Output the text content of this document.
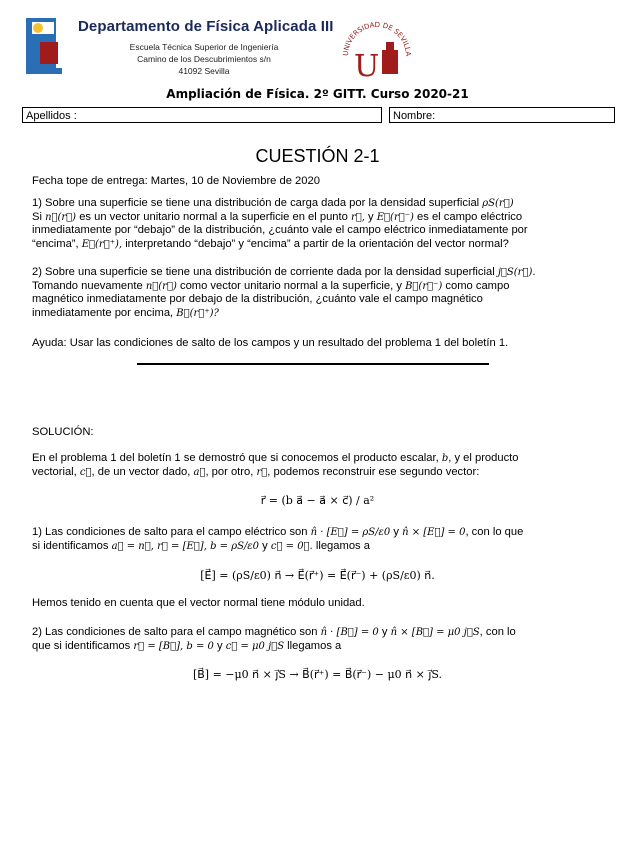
Departamento de Física Aplicada III
Escuela Técnica Superior de Ingeniería
Camino de los Descubrimientos s/n
41092 Sevilla
UNIVERSIDAD DE SEVILLA
U
Ampliación de Física. 2º GITT. Curso 2020-21
Apellidos :	Nombre:
CUESTIÓN 2-1
Fecha tope de entrega: Martes, 10 de Noviembre de 2020
1) Sobre una superficie se tiene una distribución de carga dada por la densidad superficial ρS(r⃗)
Si n⃗(r⃗) es un vector unitario normal a la superficie en el punto r⃗, y E⃗(r⃗⁻) es el campo eléctrico
inmediatamente por “debajo” de la distribución, ¿cuánto vale el campo eléctrico inmediatamente por
“encima”, E⃗(r⃗⁺), interpretando “debajo” y “encima” a partir de la orientación del vector normal?
2) Sobre una superficie se tiene una distribución de corriente dada por la densidad superficial j⃗S(r⃗).
Tomando nuevamente n⃗(r⃗) como vector unitario normal a la superficie, y B⃗(r⃗⁻) como campo
magnético inmediatamente por debajo de la distribución, ¿cuánto vale el campo magnético
inmediatamente por encima, B⃗(r⃗⁺)?
Ayuda: Usar las condiciones de salto de los campos y un resultado del problema 1 del boletín 1.
SOLUCIÓN:
En el problema 1 del boletín 1 se demostró que si conocemos el producto escalar, b, y el producto
vectorial, c⃗, de un vector dado, a⃗, por otro, r⃗, podemos reconstruir ese segundo vector:
r⃗ = (b a⃗ − a⃗ × c⃗) / a²
1) Las condiciones de salto para el campo eléctrico son n̂ · [E⃗] = ρS/ε0 y n̂ × [E⃗] = 0, con lo que
si identificamos a⃗ = n⃗, r⃗ = [E⃗], b = ρS/ε0 y c⃗ = 0⃗. llegamos a
[E⃗] = (ρS/ε0) n⃗ → E⃗(r⃗⁺) = E⃗(r⃗⁻) + (ρS/ε0) n⃗.
Hemos tenido en cuenta que el vector normal tiene módulo unidad.
2) Las condiciones de salto para el campo magnético son n̂ · [B⃗] = 0 y n̂ × [B⃗] = μ0 j⃗S, con lo
que si identificamos r⃗ = [B⃗], b = 0 y c⃗ = μ0 j⃗S llegamos a
[B⃗] = −μ0 n⃗ × j⃗S → B⃗(r⃗⁺) = B⃗(r⃗⁻) − μ0 n⃗ × j⃗S.
